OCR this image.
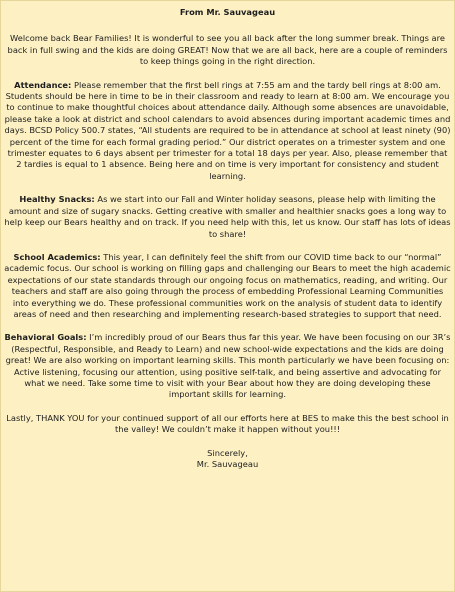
From Mr. Sauvageau

Welcome back Bear Families! It is wonderful to see you all back after the long summer break. Things are back in full swing and the kids are doing GREAT! Now that we are all back, here are a couple of reminders to keep things going in the right direction.

Attendance: Please remember that the first bell rings at 7:55 am and the tardy bell rings at 8:00 am. Students should be here in time to be in their classroom and ready to learn at 8:00 am. We encourage you to continue to make thoughtful choices about attendance daily. Although some absences are unavoidable, please take a look at district and school calendars to avoid absences during important academic times and days. BCSD Policy 500.7 states, “All students are required to be in attendance at school at least ninety (90) percent of the time for each formal grading period.” Our district operates on a trimester system and one trimester equates to 6 days absent per trimester for a total 18 days per year. Also, please remember that 2 tardies is equal to 1 absence. Being here and on time is very important for consistency and student learning.

Healthy Snacks: As we start into our Fall and Winter holiday seasons, please help with limiting the amount and size of sugary snacks. Getting creative with smaller and healthier snacks goes a long way to help keep our Bears healthy and on track. If you need help with this, let us know. Our staff has lots of ideas to share!

School Academics: This year, I can definitely feel the shift from our COVID time back to our “normal” academic focus. Our school is working on filling gaps and challenging our Bears to meet the high academic expectations of our state standards through our ongoing focus on mathematics, reading, and writing. Our teachers and staff are also going through the process of embedding Professional Learning Communities into everything we do. These professional communities work on the analysis of student data to identify areas of need and then researching and implementing research-based strategies to support that need.

Behavioral Goals: I’m incredibly proud of our Bears thus far this year. We have been focusing on our 3R’s (Respectful, Responsible, and Ready to Learn) and new school-wide expectations and the kids are doing great! We are also working on important learning skills. This month particularly we have been focusing on: Active listening, focusing our attention, using positive self-talk, and being assertive and advocating for what we need. Take some time to visit with your Bear about how they are doing developing these important skills for learning.

Lastly, THANK YOU for your continued support of all our efforts here at BES to make this the best school in the valley! We couldn’t make it happen without you!!!

Sincerely,
Mr. Sauvageau
